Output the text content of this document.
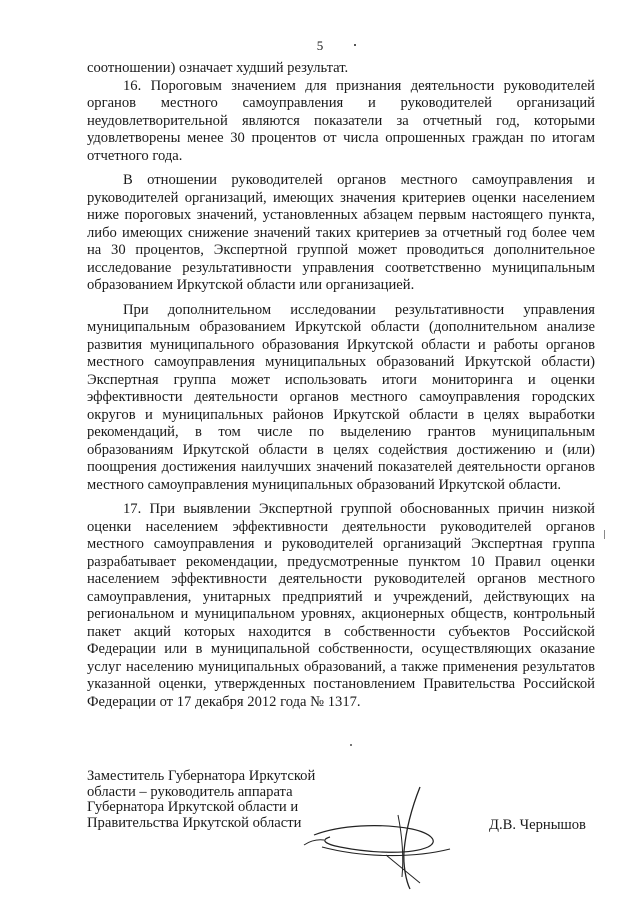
5

соотношении) означает худший результат.

16. Пороговым значением для признания деятельности руководителей органов местного самоуправления и руководителей организаций неудовлетворительной являются показатели за отчетный год, которыми удовлетворены менее 30 процентов от числа опрошенных граждан по итогам отчетного года.

В отношении руководителей органов местного самоуправления и руководителей организаций, имеющих значения критериев оценки населением ниже пороговых значений, установленных абзацем первым настоящего пункта, либо имеющих снижение значений таких критериев за отчетный год более чем на 30 процентов, Экспертной группой может проводиться дополнительное исследование результативности управления соответственно муниципальным образованием Иркутской области или организацией.

При дополнительном исследовании результативности управления муниципальным образованием Иркутской области (дополнительном анализе развития муниципального образования Иркутской области и работы органов местного самоуправления муниципальных образований Иркутской области) Экспертная группа может использовать итоги мониторинга и оценки эффективности деятельности органов местного самоуправления городских округов и муниципальных районов Иркутской области в целях выработки рекомендаций, в том числе по выделению грантов муниципальным образованиям Иркутской области в целях содействия достижению и (или) поощрения достижения наилучших значений показателей деятельности органов местного самоуправления муниципальных образований Иркутской области.

17. При выявлении Экспертной группой обоснованных причин низкой оценки населением эффективности деятельности руководителей органов местного самоуправления и руководителей организаций Экспертная группа разрабатывает рекомендации, предусмотренные пунктом 10 Правил оценки населением эффективности деятельности руководителей органов местного самоуправления, унитарных предприятий и учреждений, действующих на региональном и муниципальном уровнях, акционерных обществ, контрольный пакет акций которых находится в собственности субъектов Российской Федерации или в муниципальной собственности, осуществляющих оказание услуг населению муниципальных образований, а также применения результатов указанной оценки, утвержденных постановлением Правительства Российской Федерации от 17 декабря 2012 года № 1317.

Заместитель Губернатора Иркутской

области – руководитель аппарата

Губернатора Иркутской области и

Правительства Иркутской области	Д.В. Чернышов
